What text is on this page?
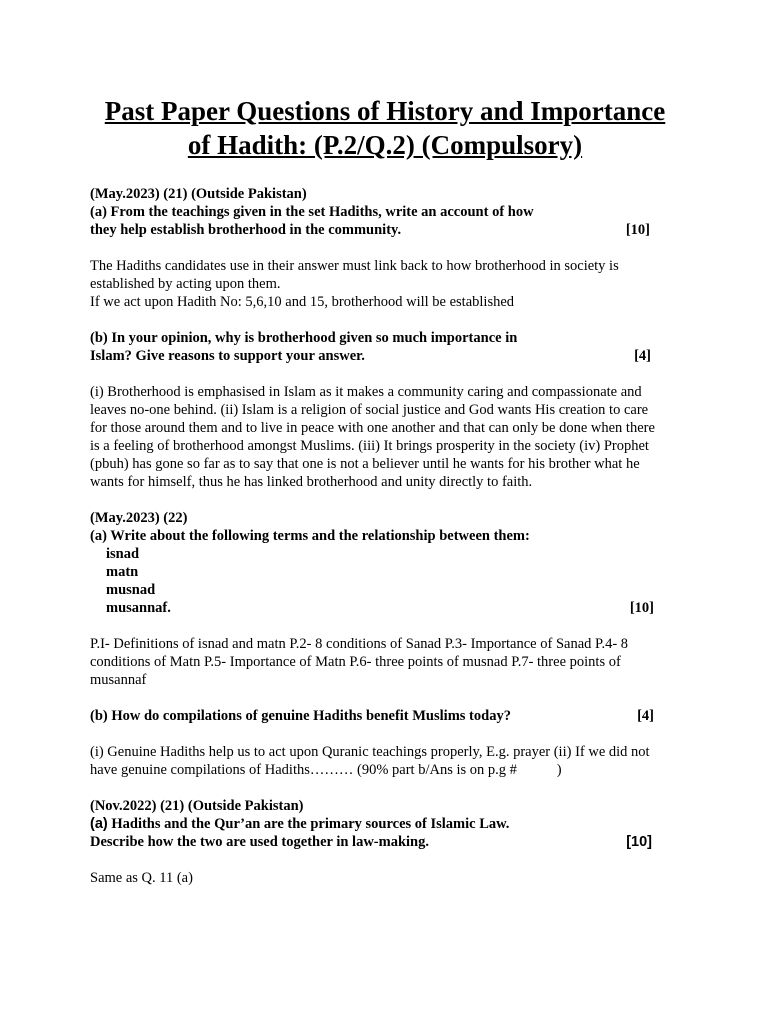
Past Paper Questions of History and Importance
of Hadith: (P.2/Q.2) (Compulsory)
(May.2023) (21) (Outside Pakistan)
(a) From the teachings given in the set Hadiths, write an account of how
they help establish brotherhood in the community.	[10]
The Hadiths candidates use in their answer must link back to how brotherhood in society is
established by acting upon them.
If we act upon Hadith No: 5,6,10 and 15, brotherhood will be established
(b) In your opinion, why is brotherhood given so much importance in
Islam? Give reasons to support your answer.	[4]
(i) Brotherhood is emphasised in Islam as it makes a community caring and compassionate and
leaves no-one behind. (ii) Islam is a religion of social justice and God wants His creation to care
for those around them and to live in peace with one another and that can only be done when there
is a feeling of brotherhood amongst Muslims. (iii) It brings prosperity in the society (iv) Prophet
(pbuh) has gone so far as to say that one is not a believer until he wants for his brother what he
wants for himself, thus he has linked brotherhood and unity directly to faith.
(May.2023) (22)
(a) Write about the following terms and the relationship between them:
isnad
matn
musnad
musannaf.	[10]
P.I- Definitions of isnad and matn P.2- 8 conditions of Sanad P.3- Importance of Sanad P.4- 8
conditions of Matn P.5- Importance of Matn P.6- three points of musnad P.7- three points of
musannaf
(b) How do compilations of genuine Hadiths benefit Muslims today?	[4]
(i) Genuine Hadiths help us to act upon Quranic teachings properly, E.g. prayer (ii) If we did not
have genuine compilations of Hadiths……… (90% part b/Ans is on p.g #           )
(Nov.2022) (21) (Outside Pakistan)
(a) Hadiths and the Qur’an are the primary sources of Islamic Law.
Describe how the two are used together in law-making.	[10]
Same as Q. 11 (a)
